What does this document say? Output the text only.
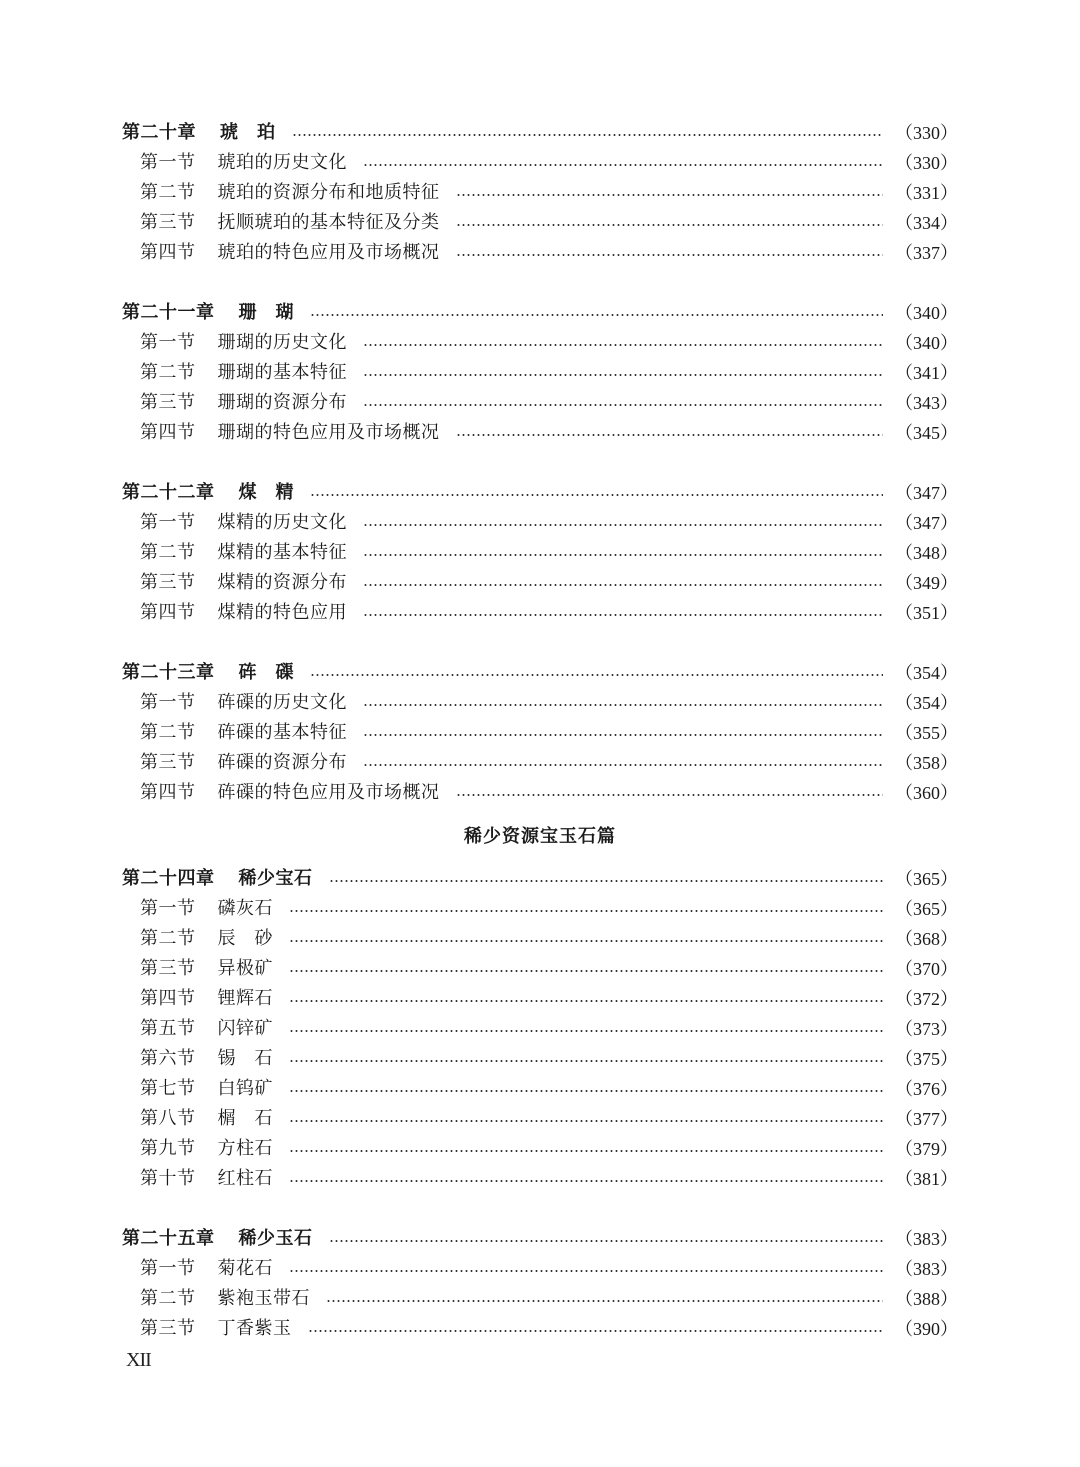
第二十章 琥　珀	（330）
第一节 琥珀的历史文化	（330）
第二节 琥珀的资源分布和地质特征	（331）
第三节 抚顺琥珀的基本特征及分类	（334）
第四节 琥珀的特色应用及市场概况	（337）
第二十一章 珊　瑚	（340）
第一节 珊瑚的历史文化	（340）
第二节 珊瑚的基本特征	（341）
第三节 珊瑚的资源分布	（343）
第四节 珊瑚的特色应用及市场概况	（345）
第二十二章 煤　精	（347）
第一节 煤精的历史文化	（347）
第二节 煤精的基本特征	（348）
第三节 煤精的资源分布	（349）
第四节 煤精的特色应用	（351）
第二十三章 砗　磲	（354）
第一节 砗磲的历史文化	（354）
第二节 砗磲的基本特征	（355）
第三节 砗磲的资源分布	（358）
第四节 砗磲的特色应用及市场概况	（360）
稀少资源宝玉石篇
第二十四章 稀少宝石	（365）
第一节 磷灰石	（365）
第二节 辰　砂	（368）
第三节 异极矿	（370）
第四节 锂辉石	（372）
第五节 闪锌矿	（373）
第六节 锡　石	（375）
第七节 白钨矿	（376）
第八节 榍　石	（377）
第九节 方柱石	（379）
第十节 红柱石	（381）
第二十五章 稀少玉石	（383）
第一节 菊花石	（383）
第二节 紫袍玉带石	（388）
第三节 丁香紫玉	（390）
XII
